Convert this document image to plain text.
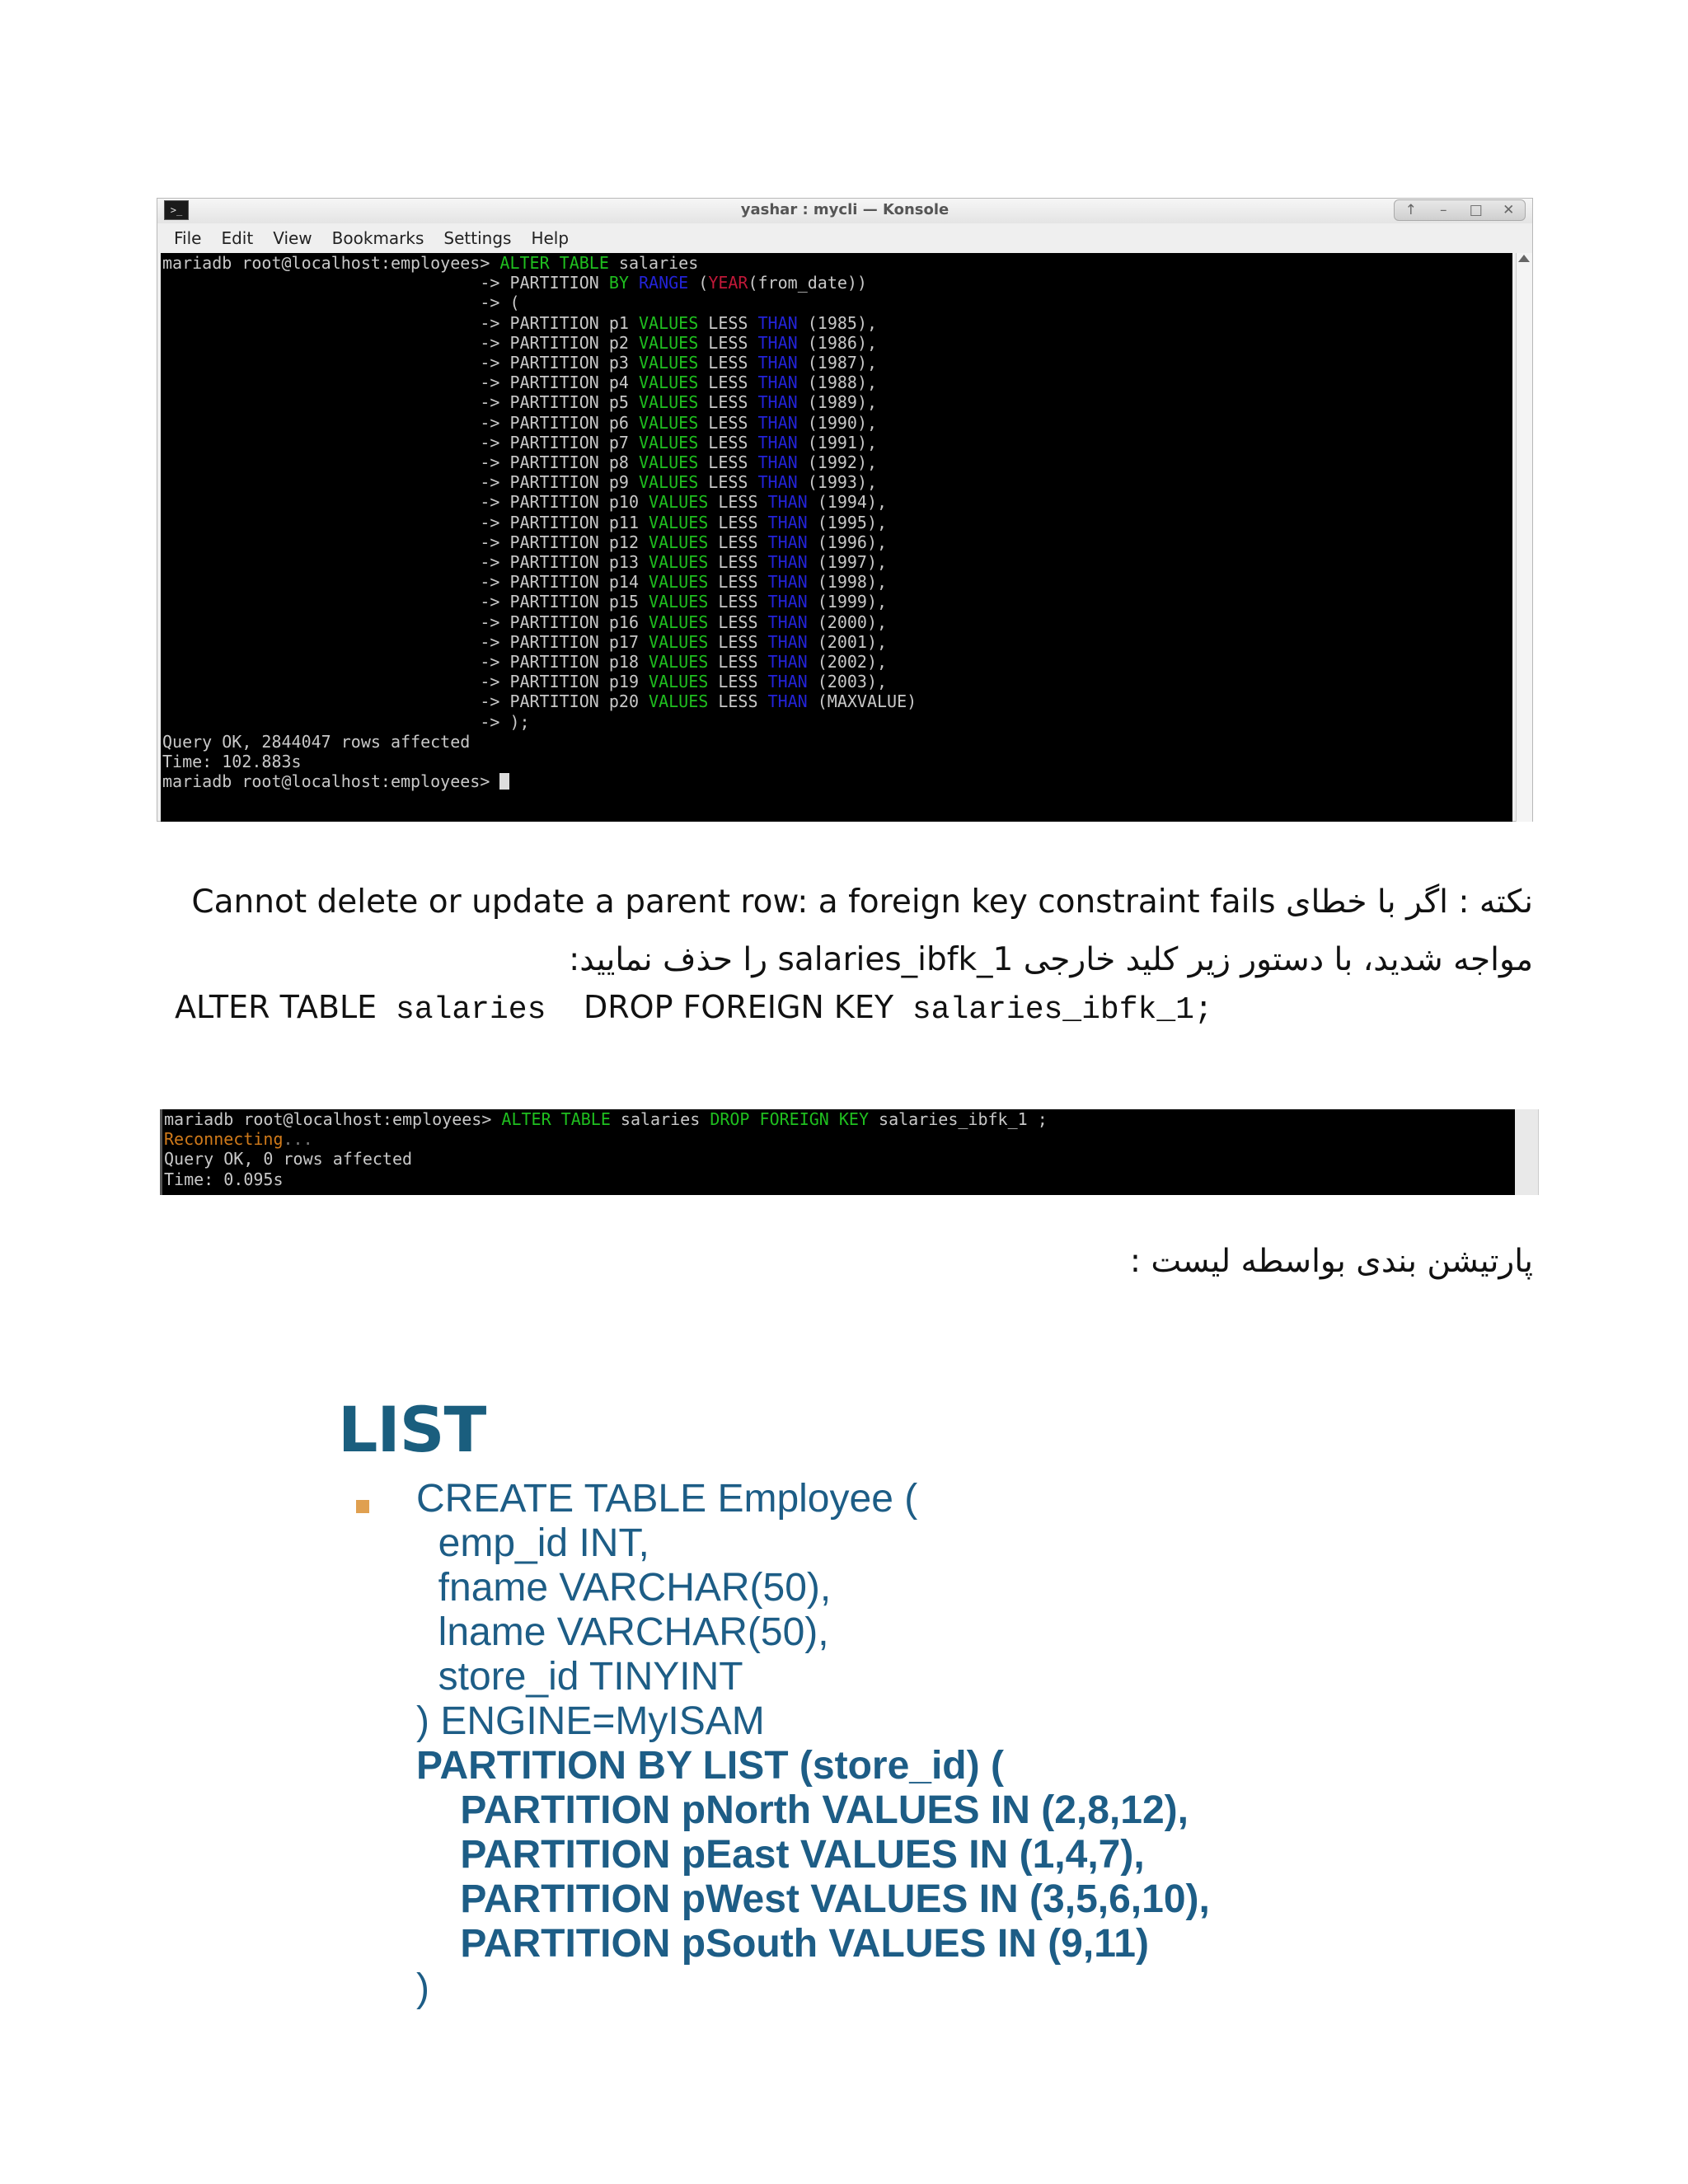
>_	yashar : mycli — Konsole	↑	–	□	✕
File Edit View Bookmarks Settings Help
mariadb root@localhost:employees> ALTER TABLE salaries
-> PARTITION BY RANGE (YEAR(from_date))
-> (
-> PARTITION p1 VALUES LESS THAN (1985),
-> PARTITION p2 VALUES LESS THAN (1986),
-> PARTITION p3 VALUES LESS THAN (1987),
-> PARTITION p4 VALUES LESS THAN (1988),
-> PARTITION p5 VALUES LESS THAN (1989),
-> PARTITION p6 VALUES LESS THAN (1990),
-> PARTITION p7 VALUES LESS THAN (1991),
-> PARTITION p8 VALUES LESS THAN (1992),
-> PARTITION p9 VALUES LESS THAN (1993),
-> PARTITION p10 VALUES LESS THAN (1994),
-> PARTITION p11 VALUES LESS THAN (1995),
-> PARTITION p12 VALUES LESS THAN (1996),
-> PARTITION p13 VALUES LESS THAN (1997),
-> PARTITION p14 VALUES LESS THAN (1998),
-> PARTITION p15 VALUES LESS THAN (1999),
-> PARTITION p16 VALUES LESS THAN (2000),
-> PARTITION p17 VALUES LESS THAN (2001),
-> PARTITION p18 VALUES LESS THAN (2002),
-> PARTITION p19 VALUES LESS THAN (2003),
-> PARTITION p20 VALUES LESS THAN (MAXVALUE)
-> );
Query OK, 2844047 rows affected
Time: 102.883s
mariadb root@localhost:employees>
نکته : اگر با خطای Cannot delete or update a parent row: a foreign key constraint fails
مواجه شدید، با دستور زیر کلید خارجی salaries_ibfk_1 را حذف نمایید:
ALTER TABLE salaries  DROP FOREIGN KEY salaries_ibfk_1;
mariadb root@localhost:employees> ALTER TABLE salaries DROP FOREIGN KEY salaries_ibfk_1 ;
Reconnecting...
Query OK, 0 rows affected
Time: 0.095s
پارتیشن بندی بواسطه لیست :
LIST
CREATE TABLE Employee (
emp_id INT,
fname VARCHAR(50),
lname VARCHAR(50),
store_id TINYINT
) ENGINE=MyISAM
PARTITION BY LIST (store_id) (
PARTITION pNorth VALUES IN (2,8,12),
PARTITION pEast VALUES IN (1,4,7),
PARTITION pWest VALUES IN (3,5,6,10),
PARTITION pSouth VALUES IN (9,11)
)
